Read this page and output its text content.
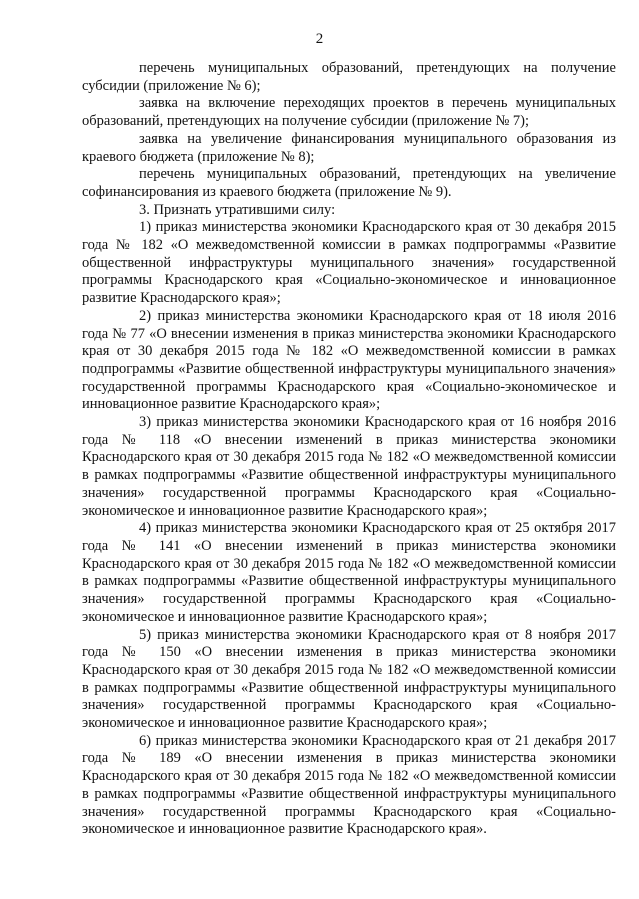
2

перечень муниципальных образований, претендующих на получение субсидии (приложение № 6);

заявка на включение переходящих проектов в перечень муниципальных образований, претендующих на получение субсидии (приложение № 7);

заявка на увеличение финансирования муниципального образования из краевого бюджета (приложение № 8);

перечень муниципальных образований, претендующих на увеличение софинансирования из краевого бюджета (приложение № 9).

3. Признать утратившими силу:

1) приказ министерства экономики Краснодарского края от 30 декабря 2015 года № 182 «О межведомственной комиссии в рамках подпрограммы «Развитие общественной инфраструктуры муниципального значения» государственной программы Краснодарского края «Социально-экономическое и инновационное развитие Краснодарского края»;

2) приказ министерства экономики Краснодарского края от 18 июля 2016 года № 77 «О внесении изменения в приказ министерства экономики Краснодарского края от 30 декабря 2015 года № 182 «О межведомственной комиссии в рамках подпрограммы «Развитие общественной инфраструктуры муниципального значения» государственной программы Краснодарского края «Социально-экономическое и инновационное развитие Краснодарского края»;

3) приказ министерства экономики Краснодарского края от 16 ноября 2016 года № 118 «О внесении изменений в приказ министерства экономики Краснодарского края от 30 декабря 2015 года № 182 «О межведомственной комиссии в рамках подпрограммы «Развитие общественной инфраструктуры муниципального значения» государственной программы Краснодарского края «Социально-экономическое и инновационное развитие Краснодарского края»;

4) приказ министерства экономики Краснодарского края от 25 октября 2017 года № 141 «О внесении изменений в приказ министерства экономики Краснодарского края от 30 декабря 2015 года № 182 «О межведомственной комиссии в рамках подпрограммы «Развитие общественной инфраструктуры муниципального значения» государственной программы Краснодарского края «Социально-экономическое и инновационное развитие Краснодарского края»;

5) приказ министерства экономики Краснодарского края от 8 ноября 2017 года № 150 «О внесении изменения в приказ министерства экономики Краснодарского края от 30 декабря 2015 года № 182 «О межведомственной комиссии в рамках подпрограммы «Развитие общественной инфраструктуры муниципального значения» государственной программы Краснодарского края «Социально-экономическое и инновационное развитие Краснодарского края»;

6) приказ министерства экономики Краснодарского края от 21 декабря 2017 года № 189 «О внесении изменения в приказ министерства экономики Краснодарского края от 30 декабря 2015 года № 182 «О межведомственной комиссии в рамках подпрограммы «Развитие общественной инфраструктуры муниципального значения» государственной программы Краснодарского края «Социально-экономическое и инновационное развитие Краснодарского края».
